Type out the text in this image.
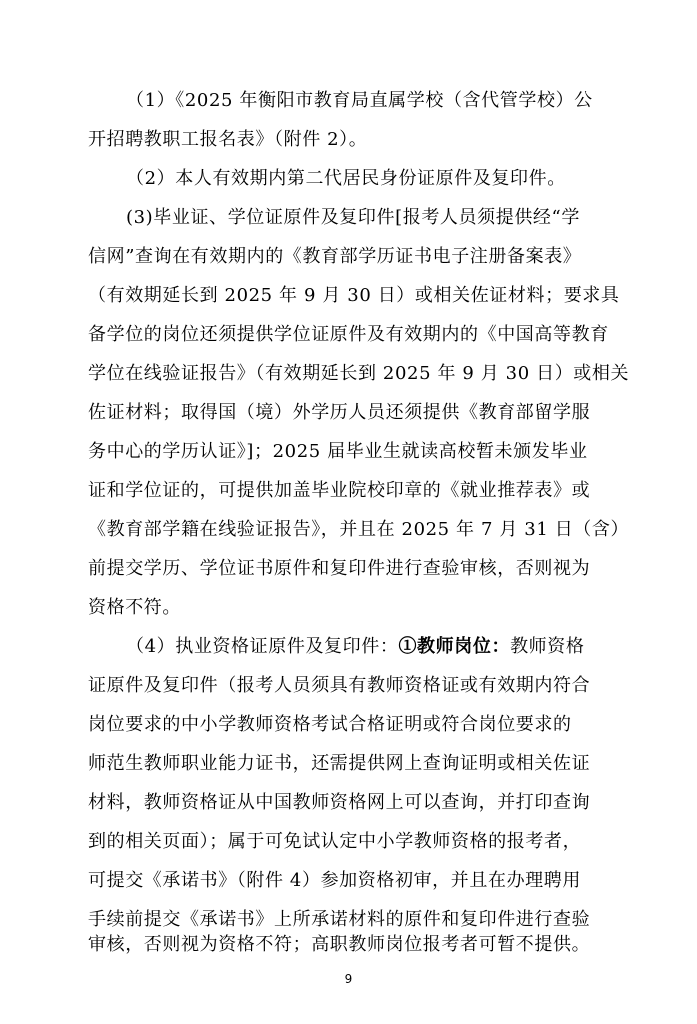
（1）《2025 年衡阳市教育局直属学校（含代管学校）公
开招聘教职工报名表》（附件 2）。
（2）本人有效期内第二代居民身份证原件及复印件。
(3)毕业证、学位证原件及复印件[报考人员须提供经“学
信网”查询在有效期内的《教育部学历证书电子注册备案表》
（有效期延长到 2025 年 9 月 30 日）或相关佐证材料；要求具
备学位的岗位还须提供学位证原件及有效期内的《中国高等教育
学位在线验证报告》（有效期延长到 2025 年 9 月 30 日）或相关
佐证材料；取得国（境）外学历人员还须提供《教育部留学服
务中心的学历认证》]；2025 届毕业生就读高校暂未颁发毕业
证和学位证的，可提供加盖毕业院校印章的《就业推荐表》或
《教育部学籍在线验证报告》，并且在 2025 年 7 月 31 日（含）
前提交学历、学位证书原件和复印件进行查验审核，否则视为
资格不符。
（4）执业资格证原件及复印件：①教师岗位：教师资格
证原件及复印件（报考人员须具有教师资格证或有效期内符合
岗位要求的中小学教师资格考试合格证明或符合岗位要求的
师范生教师职业能力证书，还需提供网上查询证明或相关佐证
材料，教师资格证从中国教师资格网上可以查询，并打印查询
到的相关页面）；属于可免试认定中小学教师资格的报考者，
可提交《承诺书》（附件 4）参加资格初审，并且在办理聘用
手续前提交《承诺书》上所承诺材料的原件和复印件进行查验
审核，否则视为资格不符；高职教师岗位报考者可暂不提供。
9
